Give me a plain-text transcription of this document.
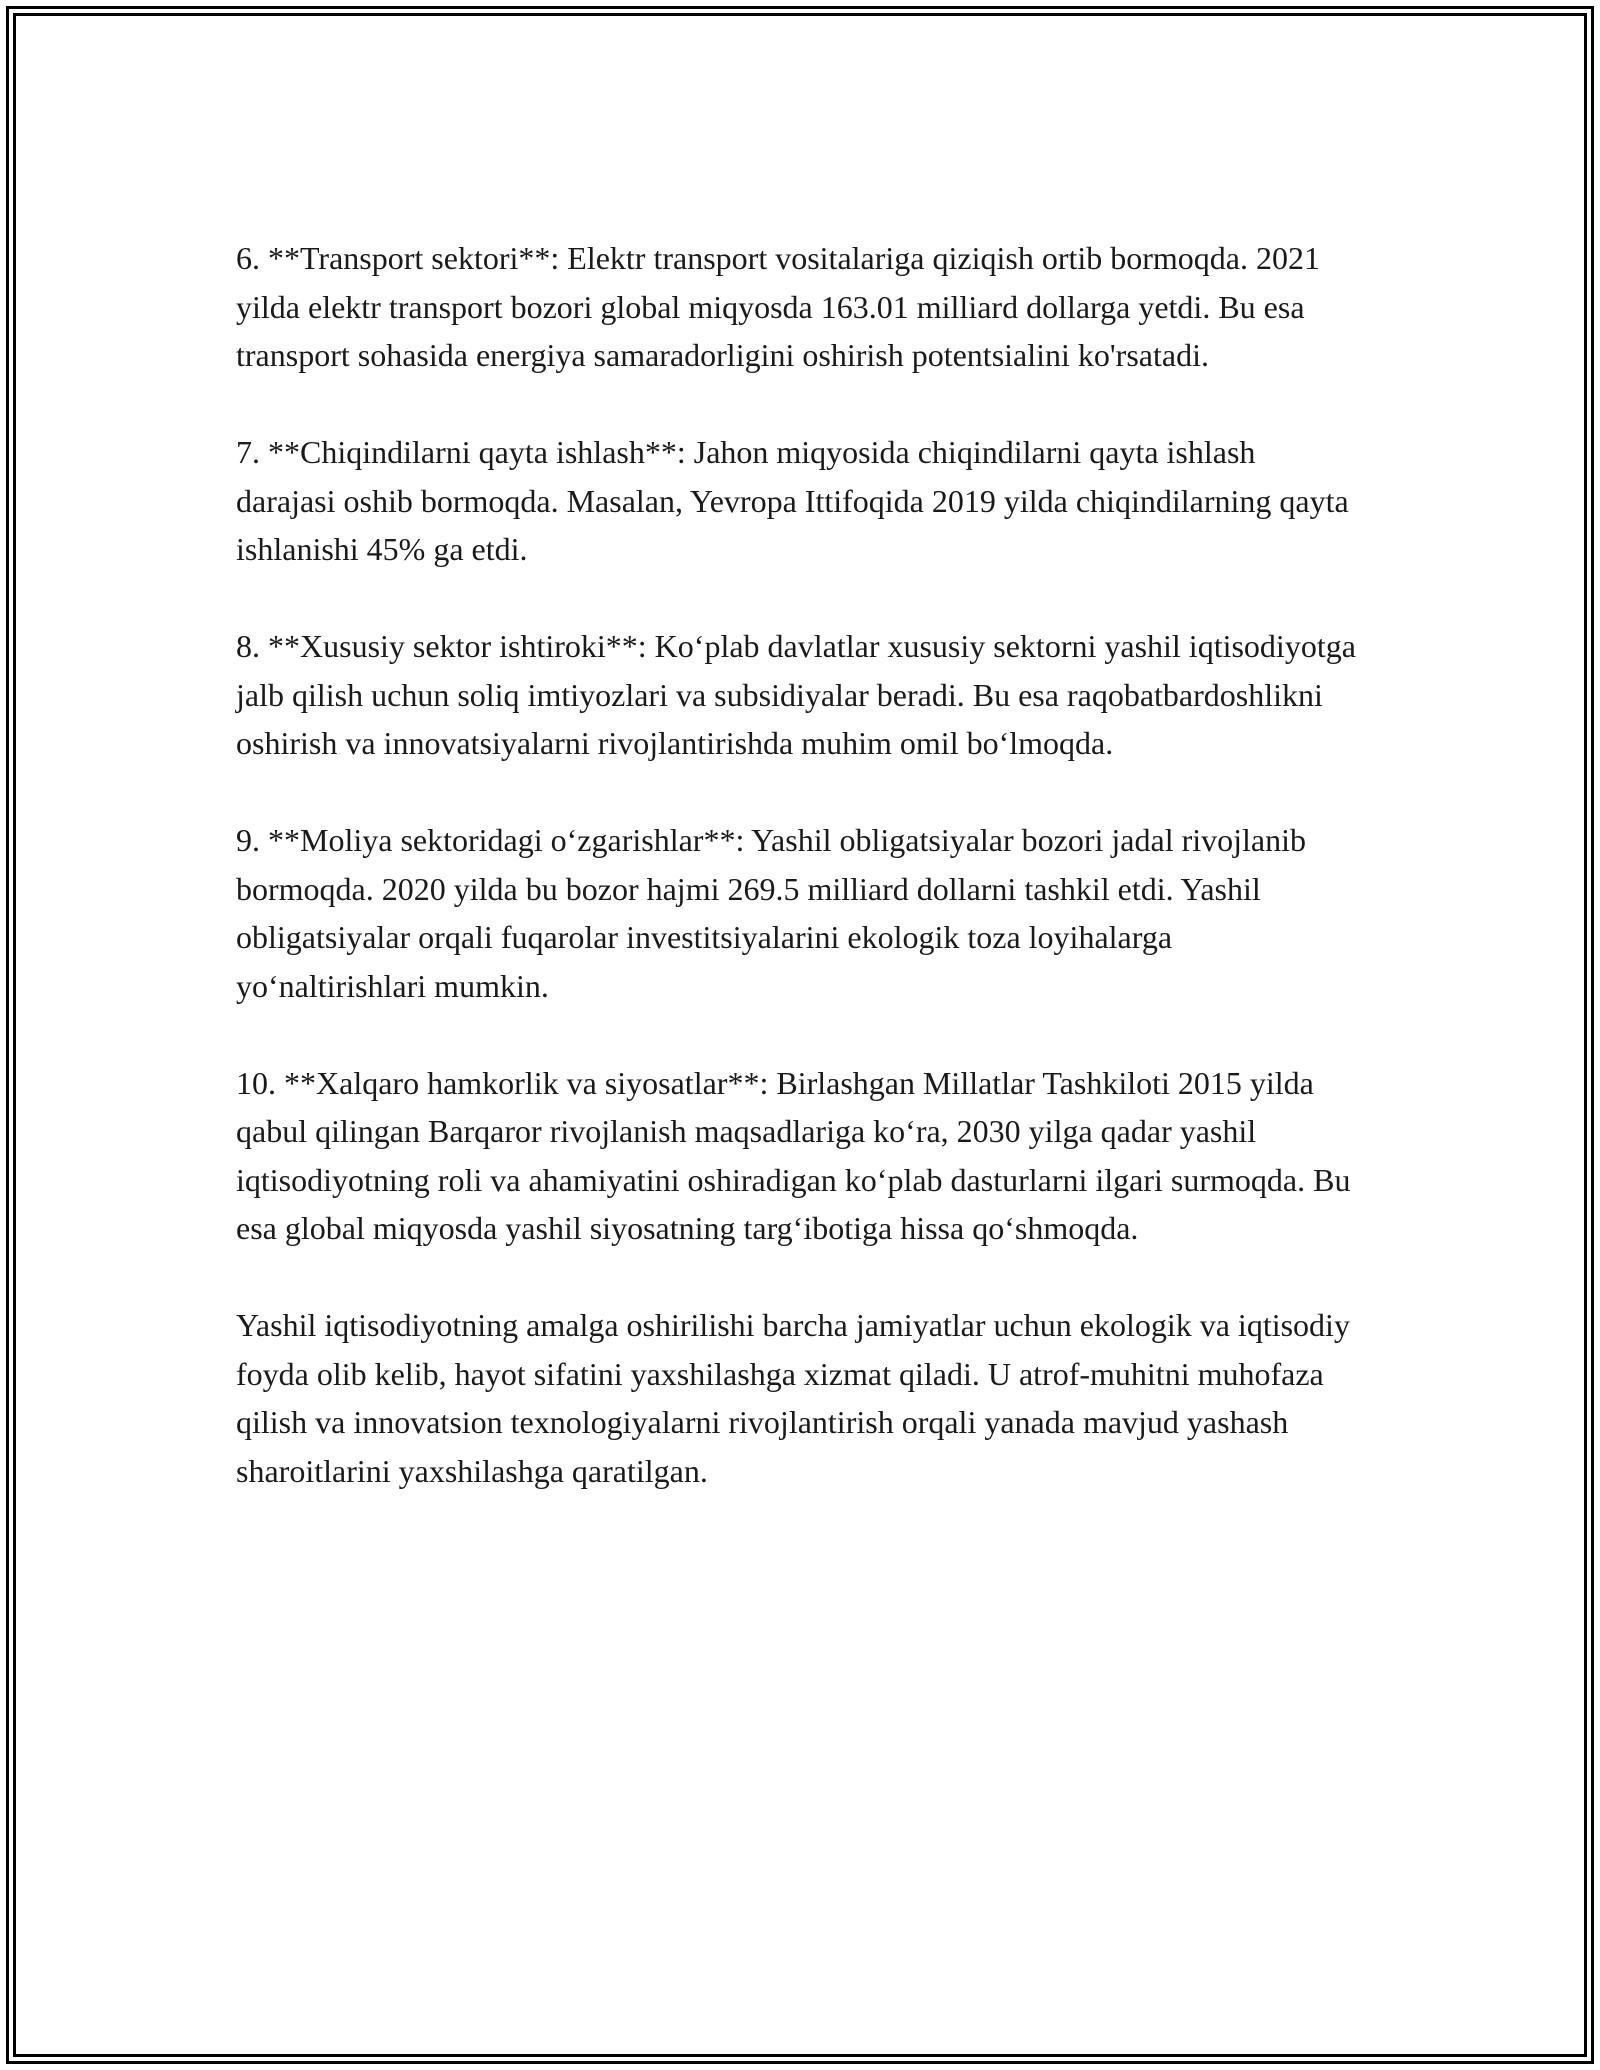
6. **Transport sektori**: Elektr transport vositalariga qiziqish ortib bormoqda. 2021 yilda elektr transport bozori global miqyosda 163.01 milliard dollarga yetdi. Bu esa transport sohasida energiya samaradorligini oshirish potentsialini ko'rsatadi.

7. **Chiqindilarni qayta ishlash**: Jahon miqyosida chiqindilarni qayta ishlash darajasi oshib bormoqda. Masalan, Yevropa Ittifoqida 2019 yilda chiqindilarning qayta ishlanishi 45% ga etdi.

8. **Xususiy sektor ishtiroki**: Ko‘plab davlatlar xususiy sektorni yashil iqtisodiyotga jalb qilish uchun soliq imtiyozlari va subsidiyalar beradi. Bu esa raqobatbardoshlikni oshirish va innovatsiyalarni rivojlantirishda muhim omil bo‘lmoqda.

9. **Moliya sektoridagi o‘zgarishlar**: Yashil obligatsiyalar bozori jadal rivojlanib bormoqda. 2020 yilda bu bozor hajmi 269.5 milliard dollarni tashkil etdi. Yashil obligatsiyalar orqali fuqarolar investitsiyalarini ekologik toza loyihalarga yo‘naltirishlari mumkin.

10. **Xalqaro hamkorlik va siyosatlar**: Birlashgan Millatlar Tashkiloti 2015 yilda qabul qilingan Barqaror rivojlanish maqsadlariga ko‘ra, 2030 yilga qadar yashil iqtisodiyotning roli va ahamiyatini oshiradigan ko‘plab dasturlarni ilgari surmoqda. Bu esa global miqyosda yashil siyosatning targ‘ibotiga hissa qo‘shmoqda.

Yashil iqtisodiyotning amalga oshirilishi barcha jamiyatlar uchun ekologik va iqtisodiy foyda olib kelib, hayot sifatini yaxshilashga xizmat qiladi. U atrof-muhitni muhofaza qilish va innovatsion texnologiyalarni rivojlantirish orqali yanada mavjud yashash sharoitlarini yaxshilashga qaratilgan.
